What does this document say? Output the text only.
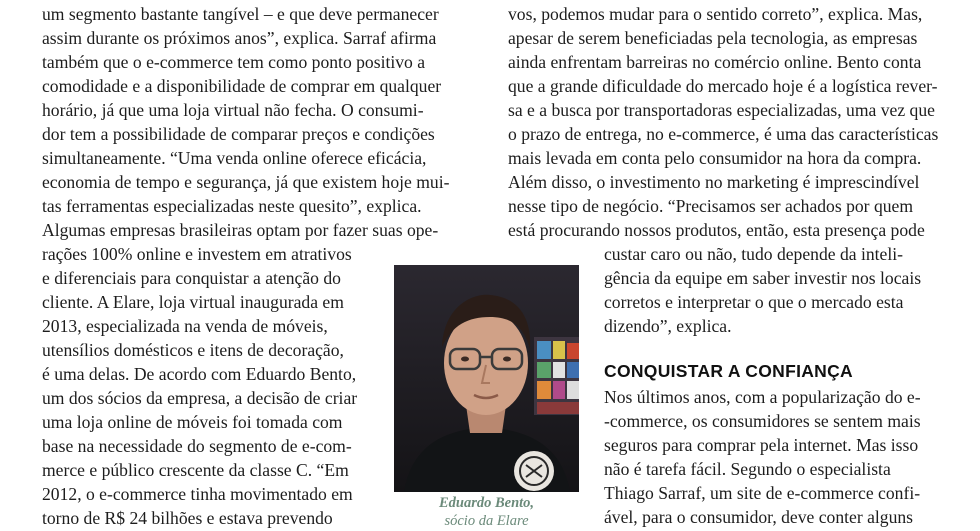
um segmento bastante tangível – e que deve permanecer

assim durante os próximos anos”, explica. Sarraf afirma

também que o e-commerce tem como ponto positivo a

comodidade e a disponibilidade de comprar em qualquer

horário, já que uma loja virtual não fecha. O consumi-

dor tem a possibilidade de comparar preços e condições

simultaneamente. “Uma venda online oferece eficácia,

economia de tempo e segurança, já que existem hoje mui-

tas ferramentas especializadas neste quesito”, explica.

Algumas empresas brasileiras optam por fazer suas ope-

rações 100% online e investem em atrativos

e diferenciais para conquistar a atenção do

cliente. A Elare, loja virtual inaugurada em

2013, especializada na venda de móveis,

utensílios domésticos e itens de decoração,

é uma delas. De acordo com Eduardo Bento,

um dos sócios da empresa, a decisão de criar

uma loja online de móveis foi tomada com

base na necessidade do segmento de e-com-

merce e público crescente da classe C. “Em

2012, o e-commerce tinha movimentado em

torno de R$ 24 bilhões e estava prevendo

Eduardo Bento,

sócio da Elare

vos, podemos mudar para o sentido correto”, explica. Mas,

apesar de serem beneficiadas pela tecnologia, as empresas

ainda enfrentam barreiras no comércio online. Bento conta

que a grande dificuldade do mercado hoje é a logística rever-

sa e a busca por transportadoras especializadas, uma vez que

o prazo de entrega, no e-commerce, é uma das características

mais levada em conta pelo consumidor na hora da compra.

Além disso, o investimento no marketing é imprescindível

nesse tipo de negócio. “Precisamos ser achados por quem

está procurando nossos produtos, então, esta presença pode

custar caro ou não, tudo depende da inteli-

gência da equipe em saber investir nos locais

corretos e interpretar o que o mercado esta

dizendo”, explica.

CONQUISTAR A CONFIANÇA

Nos últimos anos, com a popularização do e-

-commerce, os consumidores se sentem mais

seguros para comprar pela internet. Mas isso

não é tarefa fácil. Segundo o especialista

Thiago Sarraf, um site de e-commerce confi-

ável, para o consumidor, deve conter alguns
